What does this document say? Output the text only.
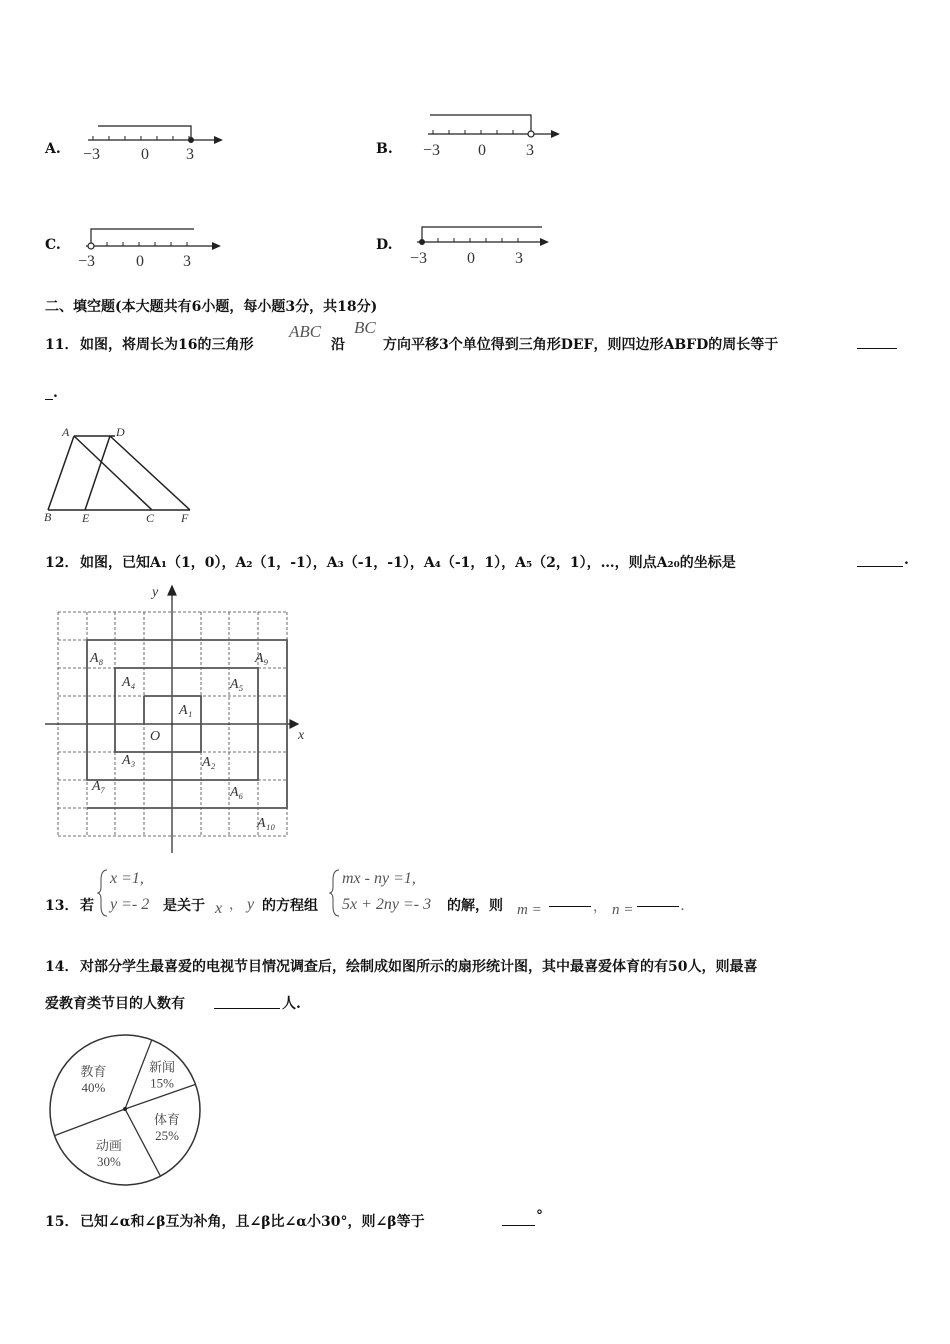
A. −3	0 3	B. −3 0	3
C.
−3	0 3
D.
−3 0	3
二、填空题(本大题共有6小题，每小题3分，共18分)
11． 如图，将周长为16的三角形
ABC
沿
BC
方向平移3个单位得到三角形DEF，则四边形ABFD的周长等于
.
A	D
B	E	C F
12． 如图，已知A₁（1，0），A₂（1，-1），A₃（-1，-1），A₄（-1，1），A₅（2，1），…，则点A₂₀的坐标是	.
x
y
O
A₁
A₂
A₃
A₄	A₅
A₆
A₇
A₈	A₉
A₁₀
13． 若
x =1,
y =- 2 是关于 x ， y 的方程组
mx - ny =1,
5x + 2ny =- 3 的解，则 m =	， n =	.
14． 对部分学生最喜爱的电视节目情况调查后，绘制成如图所示的扇形统计图，其中最喜爱体育的有50人，则最喜
爱教育类节目的人数有	人.
教育
40%
新闻
15%
体育
25%
动画
30%
15． 已知∠α和∠β互为补角，且∠β比∠α小30°，则∠β等于	°
